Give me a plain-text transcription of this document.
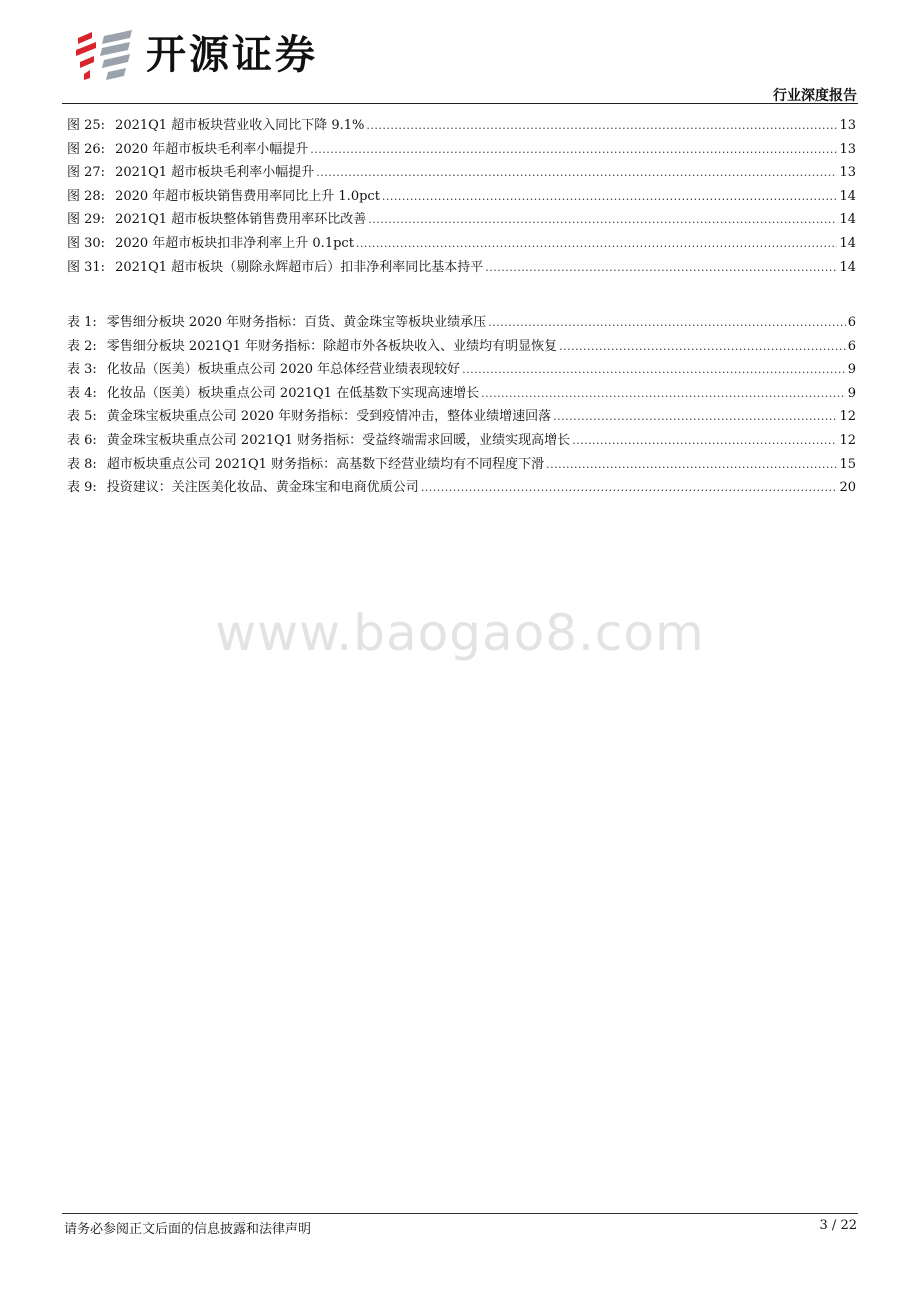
开源证券
行业深度报告
图 25: 2021Q1 超市板块营业收入同比下降 9.1% .....	13
图 26: 2020 年超市板块毛利率小幅提升 .....	13
图 27: 2021Q1 超市板块毛利率小幅提升 .....	13
图 28: 2020 年超市板块销售费用率同比上升 1.0pct .....	14
图 29: 2021Q1 超市板块整体销售费用率环比改善 .....	14
图 30: 2020 年超市板块扣非净利率上升 0.1pct .....	14
图 31: 2021Q1 超市板块（剔除永辉超市后）扣非净利率同比基本持平 .....	14
表 1: 零售细分板块 2020 年财务指标：百货、黄金珠宝等板块业绩承压 .....	6
表 2: 零售细分板块 2021Q1 年财务指标：除超市外各板块收入、业绩均有明显恢复 .....	6
表 3: 化妆品（医美）板块重点公司 2020 年总体经营业绩表现较好 .....	9
表 4: 化妆品（医美）板块重点公司 2021Q1 在低基数下实现高速增长 .....	9
表 5: 黄金珠宝板块重点公司 2020 年财务指标：受到疫情冲击，整体业绩增速回落 .....	12
表 6: 黄金珠宝板块重点公司 2021Q1 财务指标：受益终端需求回暖，业绩实现高增长 .....	12
表 8: 超市板块重点公司 2021Q1 财务指标：高基数下经营业绩均有不同程度下滑 .....	15
表 9: 投资建议：关注医美化妆品、黄金珠宝和电商优质公司 .....	20
www.baogao8.com
请务必参阅正文后面的信息披露和法律声明	3 / 22
